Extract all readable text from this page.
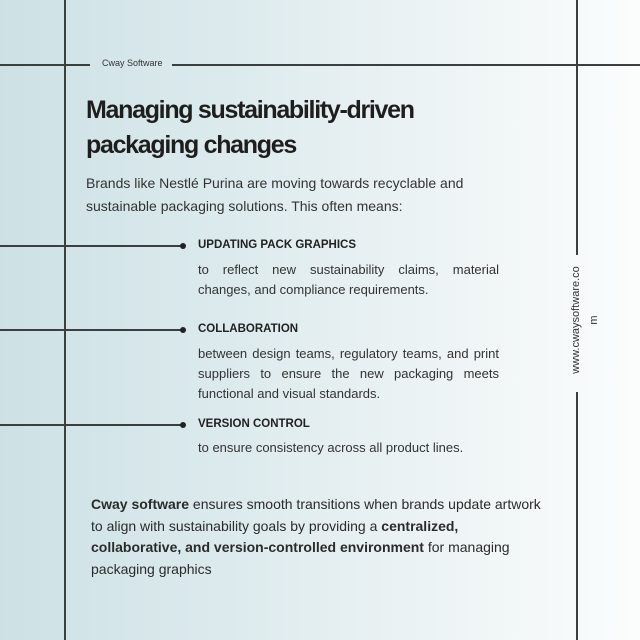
Cway Software
Managing sustainability-driven packaging changes
Brands like Nestlé Purina are moving towards recyclable and sustainable packaging solutions. This often means:
UPDATING PACK GRAPHICS
to reflect new sustainability claims, material changes, and compliance requirements.
COLLABORATION
between design teams, regulatory teams, and print suppliers to ensure the new packaging meets functional and visual standards.
VERSION CONTROL
to ensure consistency across all product lines.
Cway software ensures smooth transitions when brands update artwork to align with sustainability goals by providing a centralized, collaborative, and version-controlled environment for managing packaging graphics
www.cwaysoftware.co m
